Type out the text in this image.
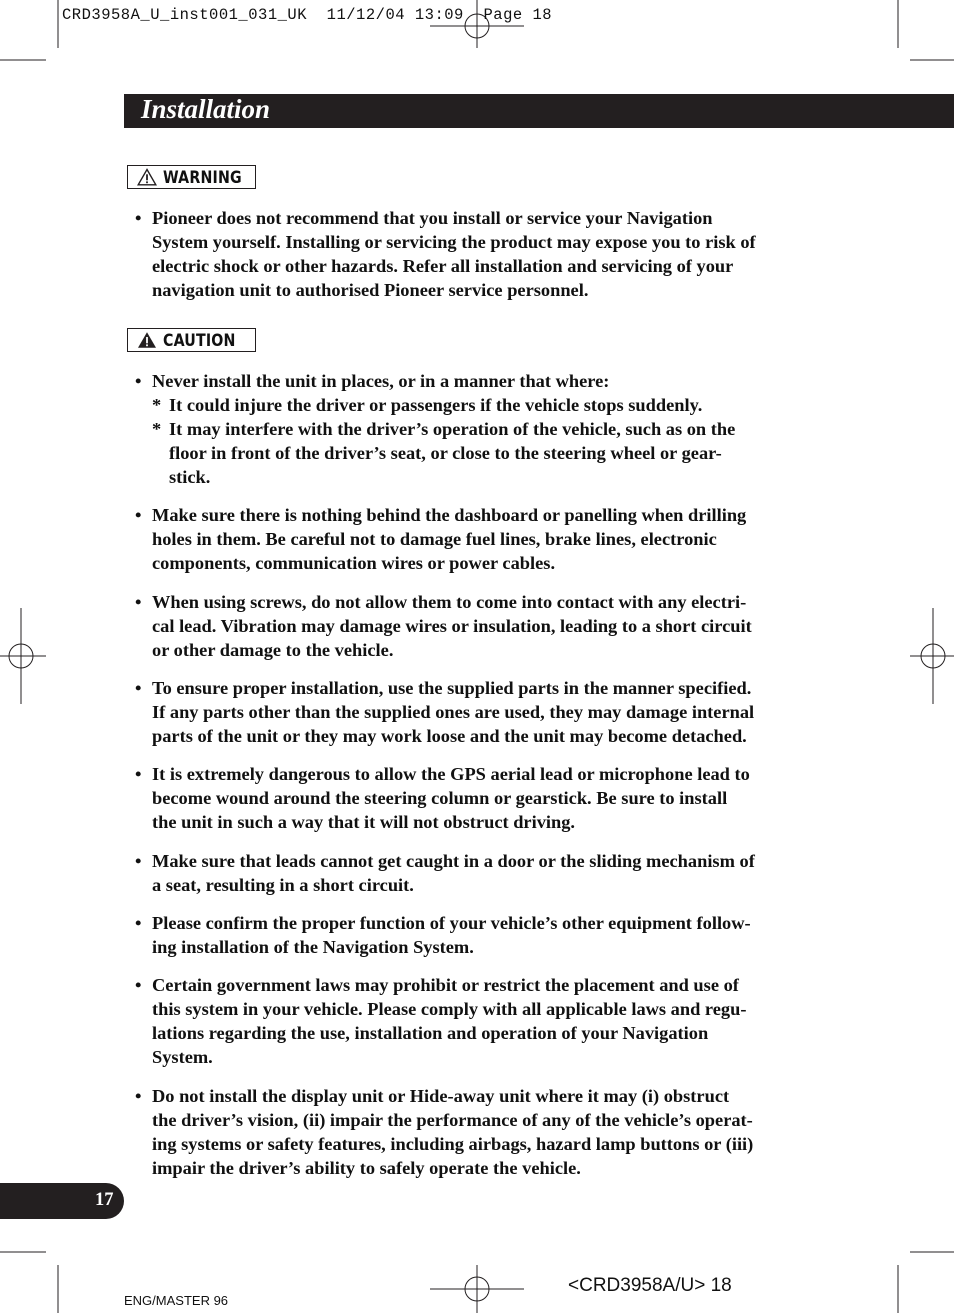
CRD3958A_U_inst001_031_UK  11/12/04 13:09  Page 18
Installation
WARNING
• Pioneer does not recommend that you install or service your Navigation
System yourself. Installing or servicing the product may expose you to risk of
electric shock or other hazards. Refer all installation and servicing of your
navigation unit to authorised Pioneer service personnel.
CAUTION
• Never install the unit in places, or in a manner that where:
* It could injure the driver or passengers if the vehicle stops suddenly.
* It may interfere with the driver’s operation of the vehicle, such as on the
floor in front of the driver’s seat, or close to the steering wheel or gear-
stick.
• Make sure there is nothing behind the dashboard or panelling when drilling
holes in them. Be careful not to damage fuel lines, brake lines, electronic
components, communication wires or power cables.
• When using screws, do not allow them to come into contact with any electri-
cal lead. Vibration may damage wires or insulation, leading to a short circuit
or other damage to the vehicle.
• To ensure proper installation, use the supplied parts in the manner specified.
If any parts other than the supplied ones are used, they may damage internal
parts of the unit or they may work loose and the unit may become detached.
• It is extremely dangerous to allow the GPS aerial lead or microphone lead to
become wound around the steering column or gearstick. Be sure to install
the unit in such a way that it will not obstruct driving.
• Make sure that leads cannot get caught in a door or the sliding mechanism of
a seat, resulting in a short circuit.
• Please confirm the proper function of your vehicle’s other equipment follow-
ing installation of the Navigation System.
• Certain government laws may prohibit or restrict the placement and use of
this system in your vehicle. Please comply with all applicable laws and regu-
lations regarding the use, installation and operation of your Navigation
System.
• Do not install the display unit or Hide-away unit where it may (i) obstruct
the driver’s vision, (ii) impair the performance of any of the vehicle’s operat-
ing systems or safety features, including airbags, hazard lamp buttons or (iii)
impair the driver’s ability to safely operate the vehicle.
17
ENG/MASTER 96
<CRD3958A/U> 18
